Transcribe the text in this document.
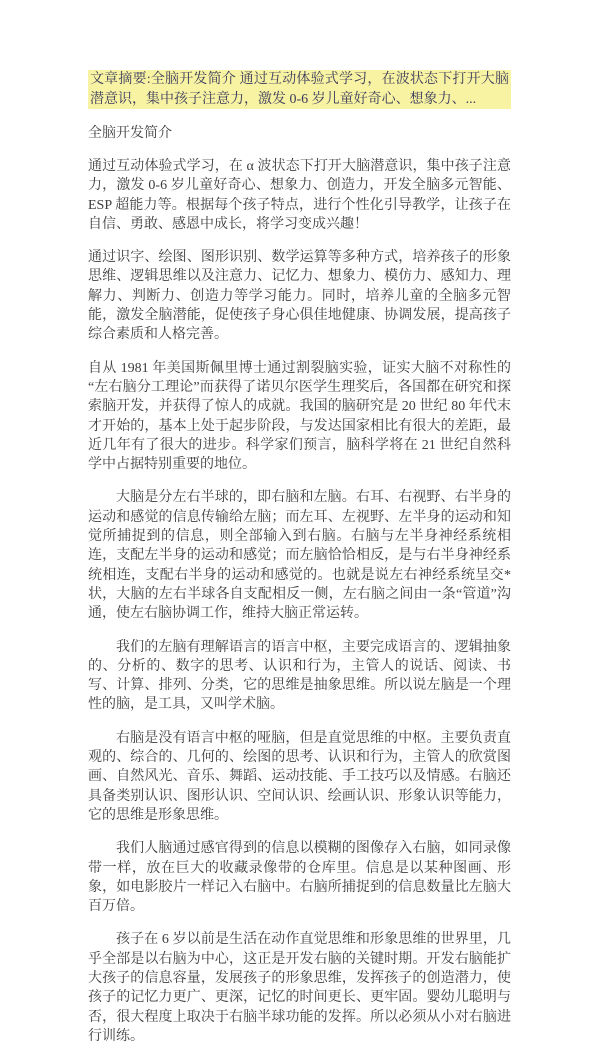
文章摘要:全脑开发简介 通过互动体验式学习，在波状态下打开大脑潜意识，集中孩子注意力，激发 0-6 岁儿童好奇心、想象力、...
全脑开发简介

通过互动体验式学习，在 α 波状态下打开大脑潜意识，集中孩子注意力，激发 0-6 岁儿童好奇心、想象力、创造力，开发全脑多元智能、ESP 超能力等。根据每个孩子特点，进行个性化引导教学，让孩子在自信、勇敢、感恩中成长，将学习变成兴趣！

通过识字、绘图、图形识别、数学运算等多种方式，培养孩子的形象思维、逻辑思维以及注意力、记忆力、想象力、模仿力、感知力、理解力、判断力、创造力等学习能力。同时，培养儿童的全脑多元智能，激发全脑潜能，促使孩子身心俱佳地健康、协调发展，提高孩子综合素质和人格完善。

自从 1981 年美国斯佩里博士通过割裂脑实验，证实大脑不对称性的“左右脑分工理论”而获得了诺贝尔医学生理奖后，各国都在研究和探索脑开发，并获得了惊人的成就。我国的脑研究是 20 世纪 80 年代末才开始的，基本上处于起步阶段，与发达国家相比有很大的差距，最近几年有了很大的进步。科学家们预言，脑科学将在 21 世纪自然科学中占据特别重要的地位。

大脑是分左右半球的，即右脑和左脑。右耳、右视野、右半身的运动和感觉的信息传输给左脑；而左耳、左视野、左半身的运动和知觉所捕捉到的信息，则全部输入到右脑。右脑与左半身神经系统相连，支配左半身的运动和感觉；而左脑恰恰相反，是与右半身神经系统相连，支配右半身的运动和感觉的。也就是说左右神经系统呈交*状，大脑的左右半球各自支配相反一侧，左右脑之间由一条“管道”沟通，使左右脑协调工作，维持大脑正常运转。

我们的左脑有理解语言的语言中枢，主要完成语言的、逻辑抽象的、分析的、数字的思考、认识和行为，主管人的说话、阅读、书写、计算、排列、分类，它的思维是抽象思维。所以说左脑是一个理性的脑，是工具，又叫学术脑。

右脑是没有语言中枢的哑脑，但是直觉思维的中枢。主要负责直观的、综合的、几何的、绘图的思考、认识和行为，主管人的欣赏图画、自然风光、音乐、舞蹈、运动技能、手工技巧以及情感。右脑还具备类别认识、图形认识、空间认识、绘画认识、形象认识等能力，它的思维是形象思维。

我们人脑通过感官得到的信息以模糊的图像存入右脑，如同录像带一样，放在巨大的收藏录像带的仓库里。信息是以某种图画、形象，如电影胶片一样记入右脑中。右脑所捕捉到的信息数量比左脑大百万倍。

孩子在 6 岁以前是生活在动作直觉思维和形象思维的世界里，几乎全部是以右脑为中心，这正是开发右脑的关键时期。开发右脑能扩大孩子的信息容量，发展孩子的形象思维，发挥孩子的创造潜力，使孩子的记忆力更广、更深，记忆的时间更长、更牢固。婴幼儿聪明与否，很大程度上取决于右脑半球功能的发挥。所以必须从小对右脑进行训练。
